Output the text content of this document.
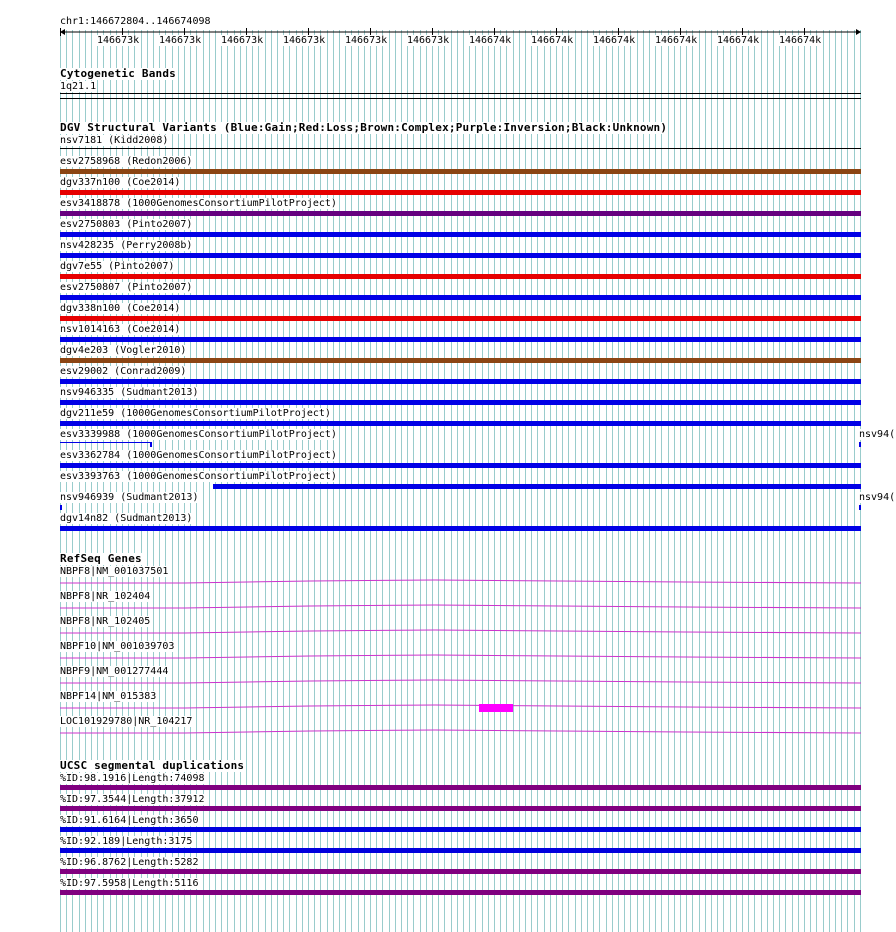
chr1:146672804..146674098
146673k 146673k 146673k 146673k 146673k 146673k 146674k 146674k 146674k 146674k 146674k 146674k
Cytogenetic Bands
1q21.1
DGV Structural Variants (Blue:Gain;Red:Loss;Brown:Complex;Purple:Inversion;Black:Unknown)
nsv7181 (Kidd2008)
esv2758968 (Redon2006)
dgv337n100 (Coe2014)
esv3418878 (1000GenomesConsortiumPilotProject)
esv2750803 (Pinto2007)
nsv428235 (Perry2008b)
dgv7e55 (Pinto2007)
esv2750807 (Pinto2007)
dgv338n100 (Coe2014)
nsv1014163 (Coe2014)
dgv4e203 (Vogler2010)
esv29002 (Conrad2009)
nsv946335 (Sudmant2013)
dgv211e59 (1000GenomesConsortiumPilotProject)
esv3339988 (1000GenomesConsortiumPilotProject)	nsv94(
esv3362784 (1000GenomesConsortiumPilotProject)
esv3393763 (1000GenomesConsortiumPilotProject)
nsv946939 (Sudmant2013)	nsv94(
dgv14n82 (Sudmant2013)
RefSeq Genes
NBPF8|NM_001037501
NBPF8|NR_102404
NBPF8|NR_102405
NBPF10|NM_001039703
NBPF9|NM_001277444
NBPF14|NM_015383
LOC101929780|NR_104217
UCSC segmental duplications
%ID:98.1916|Length:74098
%ID:97.3544|Length:37912
%ID:91.6164|Length:3650
%ID:92.189|Length:3175
%ID:96.8762|Length:5282
%ID:97.5958|Length:5116
